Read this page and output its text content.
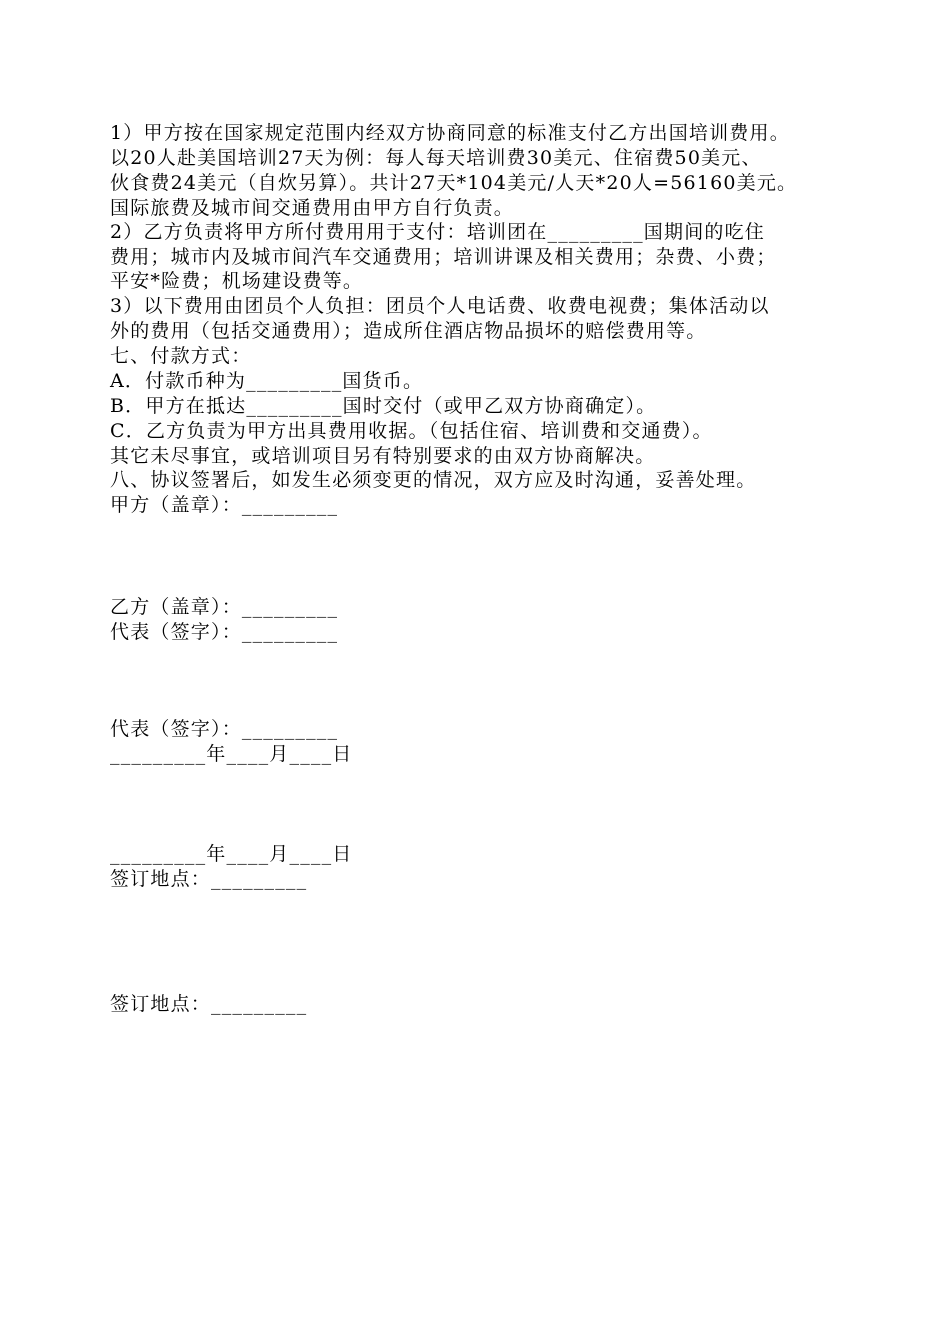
1）甲方按在国家规定范围内经双方协商同意的标准支付乙方出国培训费用。
以20人赴美国培训27天为例：每人每天培训费30美元、住宿费50美元、
伙食费24美元（自炊另算）。共计27天*104美元/人天*20人=56160美元。
国际旅费及城市间交通费用由甲方自行负责。
2）乙方负责将甲方所付费用用于支付：培训团在_________国期间的吃住
费用；城市内及城市间汽车交通费用；培训讲课及相关费用；杂费、小费；
平安*险费；机场建设费等。
3）以下费用由团员个人负担：团员个人电话费、收费电视费；集体活动以
外的费用（包括交通费用）；造成所住酒店物品损坏的赔偿费用等。
七、付款方式：
A．付款币种为_________国货币。
B．甲方在抵达_________国时交付（或甲乙双方协商确定）。
C．乙方负责为甲方出具费用收据。（包括住宿、培训费和交通费）。
其它未尽事宜，或培训项目另有特别要求的由双方协商解决。
八、协议签署后，如发生必须变更的情况，双方应及时沟通，妥善处理。
甲方（盖章）：_________
乙方（盖章）：_________
代表（签字）：_________
代表（签字）：_________
_________年____月____日
_________年____月____日
签订地点：_________
签订地点：_________
